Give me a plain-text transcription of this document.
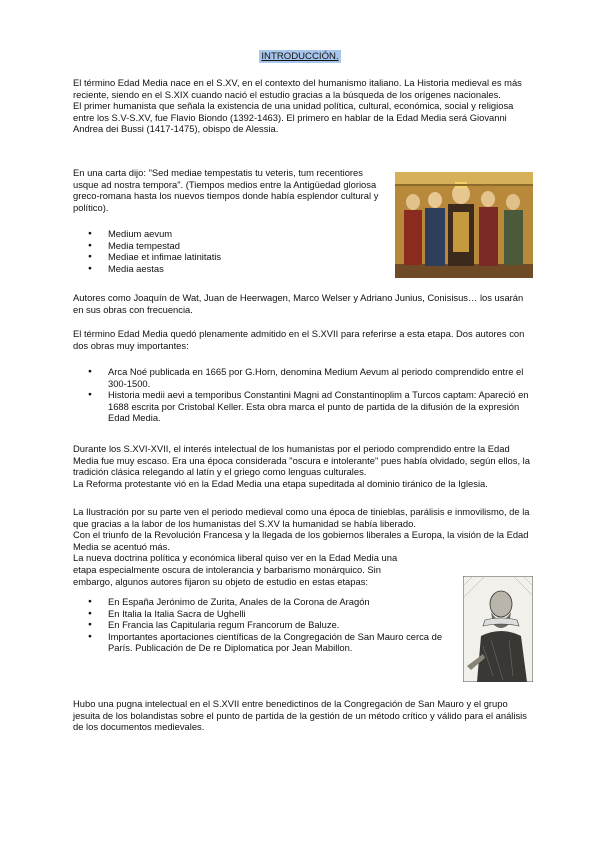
INTRODUCCIÓN.

El término Edad Media nace en el S.XV, en el contexto del humanismo italiano. La Historia medieval es más reciente, siendo en el S.XIX cuando nació el estudio gracias a la búsqueda de los orígenes nacionales.

El primer humanista que señala la existencia de una unidad política, cultural, económica, social y religiosa entre los S.V-S.XV, fue Flavio Biondo (1392-1463). El primero en hablar de la Edad Media será Giovanni Andrea dei Bussi (1417-1475), obispo de Alessia.

En una carta dijo: "Sed mediae tempestatis tu veteris, tum recentiores usque ad nostra tempora". (Tiempos medios entre la Antigüedad gloriosa greco-romana hasta los nuevos tiempos donde había esplendor cultural y político).

● Medium aevum
● Media tempestad
● Mediae et infimae latinitatis
● Media aestas

Autores como Joaquín de Wat, Juan de Heerwagen, Marco Welser y Adriano Junius, Conisisus… los usarán en sus obras con frecuencia.

El término Edad Media quedó plenamente admitido en el S.XVII para referirse a esta etapa. Dos autores con dos obras muy importantes:

● Arca Noé publicada en 1665 por G.Horn, denomina Medium Aevum al periodo comprendido entre el 300-1500.
● Historia medii aevi a temporibus Constantini Magni ad Constantinoplim a Turcos captam: Apareció en 1688 escrita por Cristobal Keller. Esta obra marca el punto de partida de la difusión de la expresión Edad Media.

Durante los S.XVI-XVII, el interés intelectual de los humanistas por el periodo comprendido entre la Edad Media fue muy escaso. Era una época considerada "oscura e intolerante" pues había olvidado, según ellos, la tradición clásica relegando al latín y el griego como lenguas culturales.

La Reforma protestante vió en la Edad Media una etapa supeditada al dominio tiránico de la Iglesia.

La Ilustración por su parte ven el periodo medieval como una época de tinieblas, parálisis e inmovilismo, de la que gracias a la labor de los humanistas del S.XV la humanidad se había liberado.

Con el triunfo de la Revolución Francesa y la llegada de los gobiernos liberales a Europa, la visión de la Edad Media se acentuó más.

La nueva doctrina política y económica liberal quiso ver en la Edad Media una etapa especialmente oscura de intolerancia y barbarismo monárquico. Sin embargo, algunos autores fijaron su objeto de estudio en estas etapas:

● En España Jerónimo de Zurita, Anales de la Corona de Aragón
● En Italia la Italia Sacra de Ughelli
● En Francia las Capitularia regum Francorum de Baluze.
● Importantes aportaciones científicas de la Congregación de San Mauro cerca de París. Publicación de De re Diplomatica por Jean Mabillon.

Hubo una pugna intelectual en el S.XVII entre benedictinos de la Congregación de San Mauro y el grupo jesuita de los bolandistas sobre el punto de partida de la gestión de un método crítico y válido para el análisis de los documentos medievales.
